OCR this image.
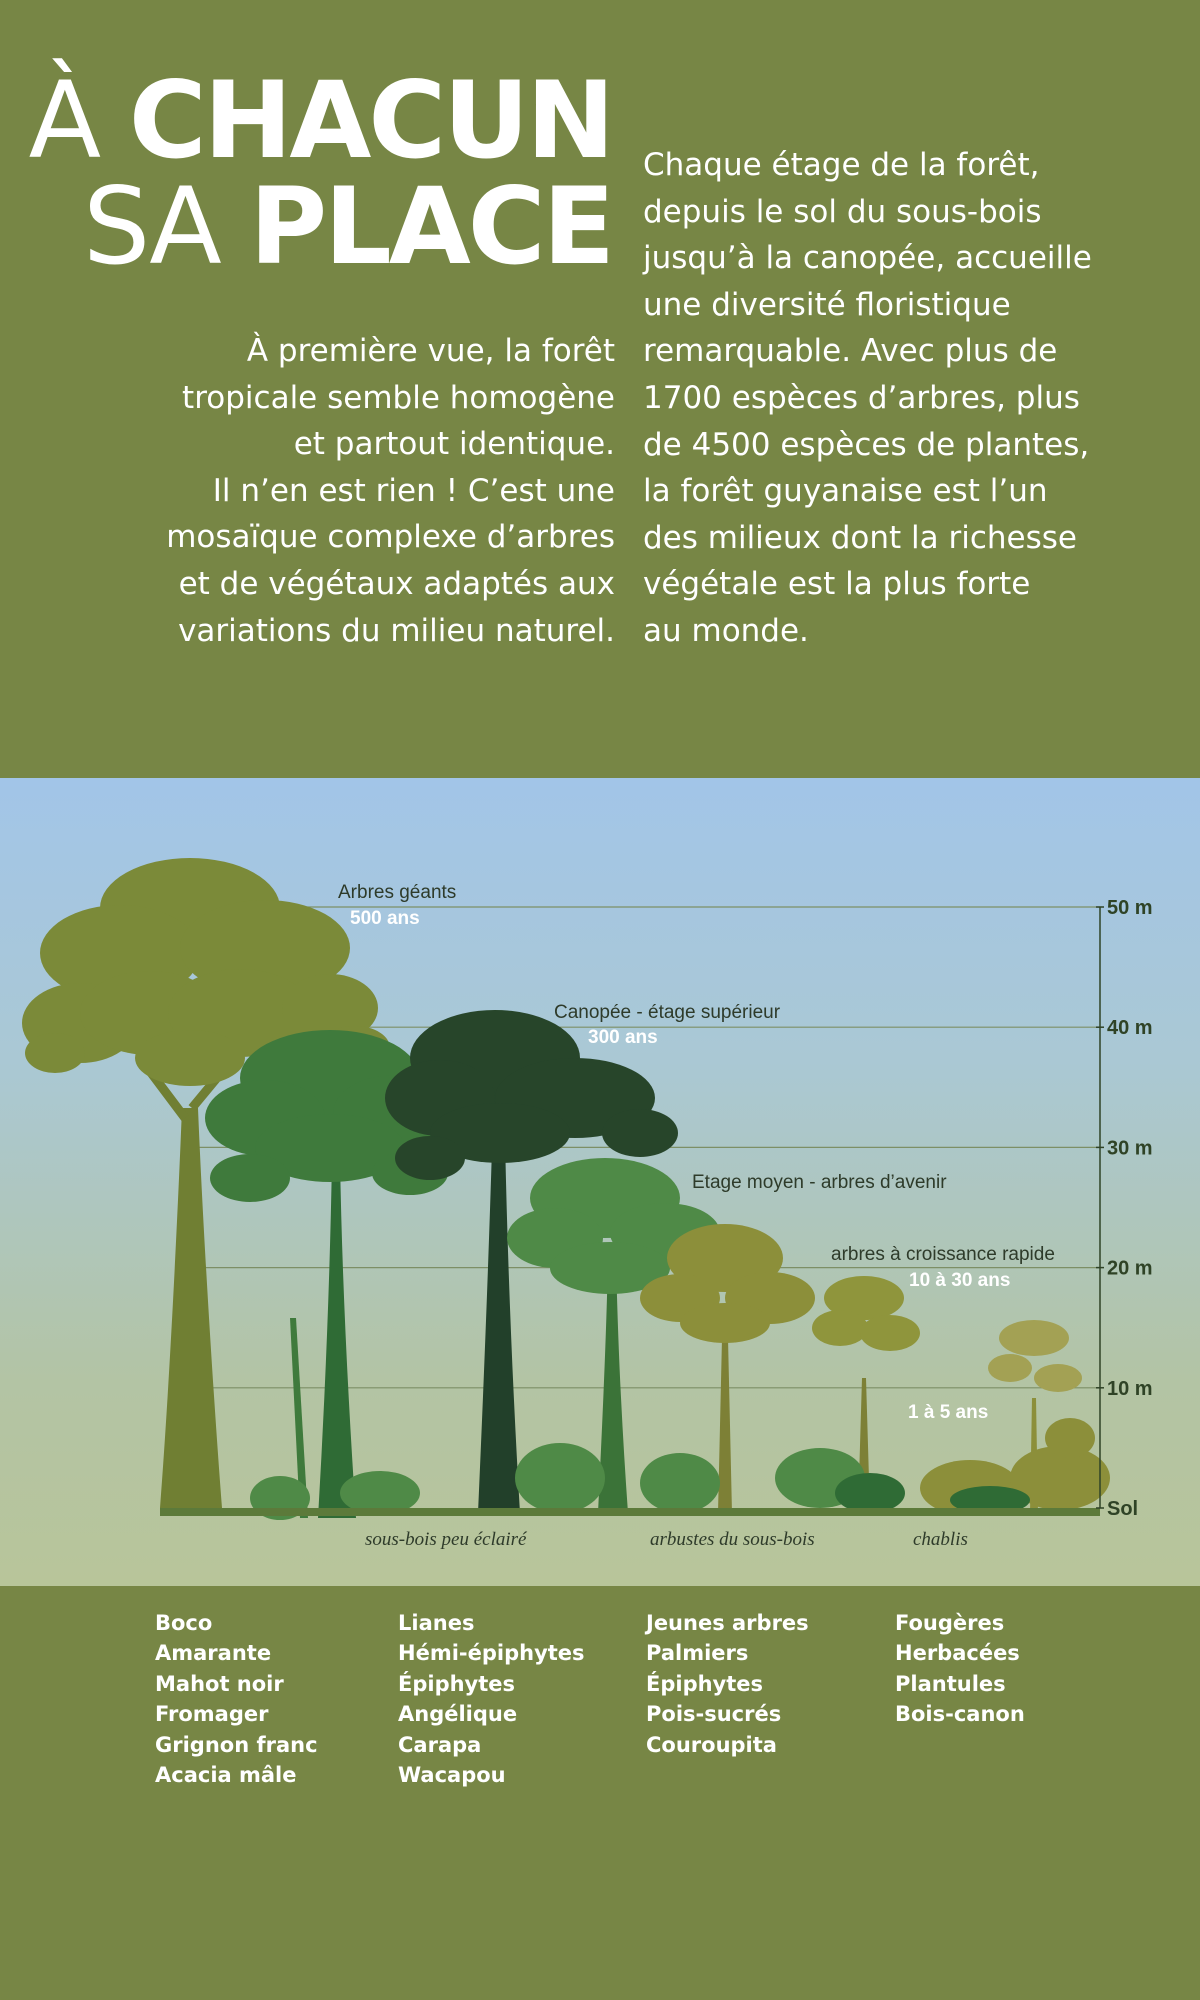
À CHACUN
SA PLACE
À première vue, la forêt
tropicale semble homogène
et partout identique.
Il n’en est rien ! C’est une
mosaïque complexe d’arbres
et de végétaux adaptés aux
variations du milieu naturel.
Chaque étage de la forêt,
depuis le sol du sous-bois
jusqu’à la canopée, accueille
une diversité floristique
remarquable. Avec plus de
1700 espèces d’arbres, plus
de 4500 espèces de plantes,
la forêt guyanaise est l’un
des milieux dont la richesse
végétale est la plus forte
au monde.
50 m
40 m
30 m
20 m
10 m
Sol
Arbres géants
500 ans
Canopée - étage supérieur
300 ans
Etage moyen - arbres d’avenir
arbres à croissance rapide
10 à 30 ans
1 à 5 ans
sous-bois peu éclairé	arbustes du sous-bois	chablis
Boco
Amarante
Mahot noir
Fromager
Grignon franc
Acacia mâle
Lianes
Hémi-épiphytes
Épiphytes
Angélique
Carapa
Wacapou
Jeunes arbres
Palmiers
Épiphytes
Pois-sucrés
Couroupita
Fougères
Herbacées
Plantules
Bois-canon
